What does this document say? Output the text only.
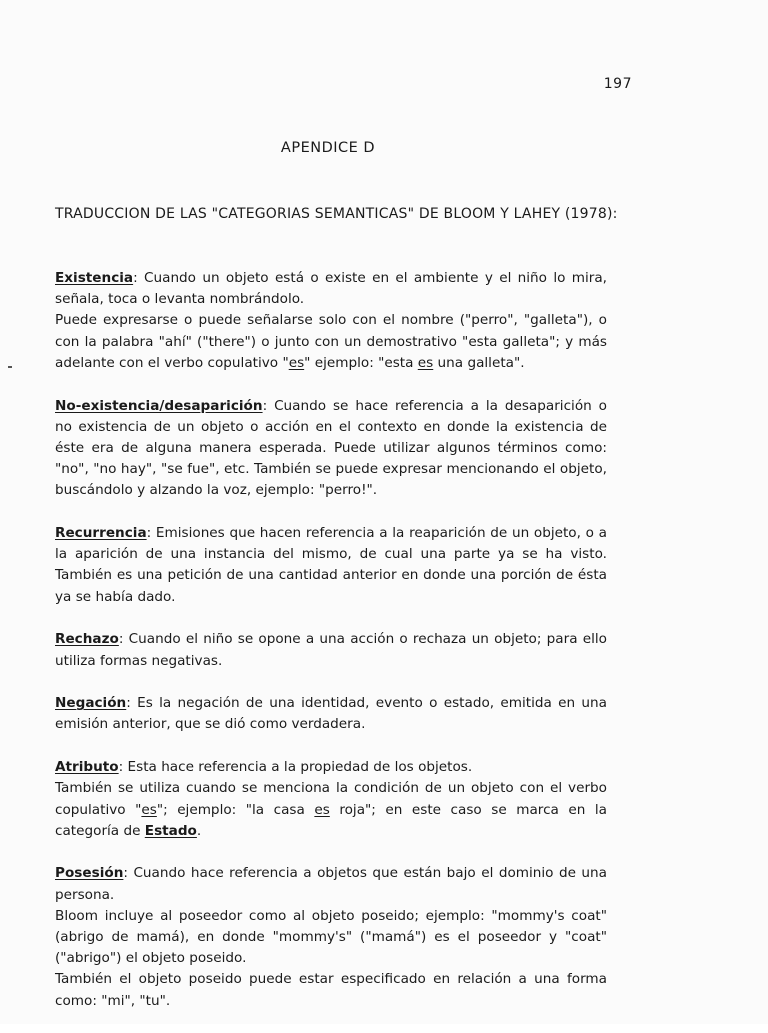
197
APENDICE D
TRADUCCION DE LAS "CATEGORIAS SEMANTICAS" DE BLOOM Y LAHEY (1978):

Existencia: Cuando un objeto está o existe en el ambiente y el niño lo mira, señala, toca o levanta nombrándolo.

Puede expresarse o puede señalarse solo con el nombre ("perro", "galleta"), o con la palabra "ahí" ("there") o junto con un demostrativo "esta galleta"; y más adelante con el verbo copulativo "es" ejemplo: "esta es una galleta".

No-existencia/desaparición: Cuando se hace referencia a la desaparición o no existencia de un objeto o acción en el contexto en donde la existencia de éste era de alguna manera esperada. Puede utilizar algunos términos como: "no", "no hay", "se fue", etc. También se puede expresar mencionando el objeto, buscándolo y alzando la voz, ejemplo: "perro!".

Recurrencia: Emisiones que hacen referencia a la reaparición de un objeto, o a la aparición de una instancia del mismo, de cual una parte ya se ha visto. También es una petición de una cantidad anterior en donde una porción de ésta ya se había dado.

Rechazo: Cuando el niño se opone a una acción o rechaza un objeto; para ello utiliza formas negativas.

Negación: Es la negación de una identidad, evento o estado, emitida en una emisión anterior, que se dió como verdadera.

Atributo: Esta hace referencia a la propiedad de los objetos.

También se utiliza cuando se menciona la condición de un objeto con el verbo copulativo "es"; ejemplo: "la casa es roja"; en este caso se marca en la categoría de Estado.

Posesión: Cuando hace referencia a objetos que están bajo el dominio de una persona.

Bloom incluye al poseedor como al objeto poseido; ejemplo: "mommy's coat" (abrigo de mamá), en donde "mommy's" ("mamá") es el poseedor y "coat" ("abrigo") el objeto poseido.

También el objeto poseido puede estar especificado en relación a una forma como: "mi", "tu".
